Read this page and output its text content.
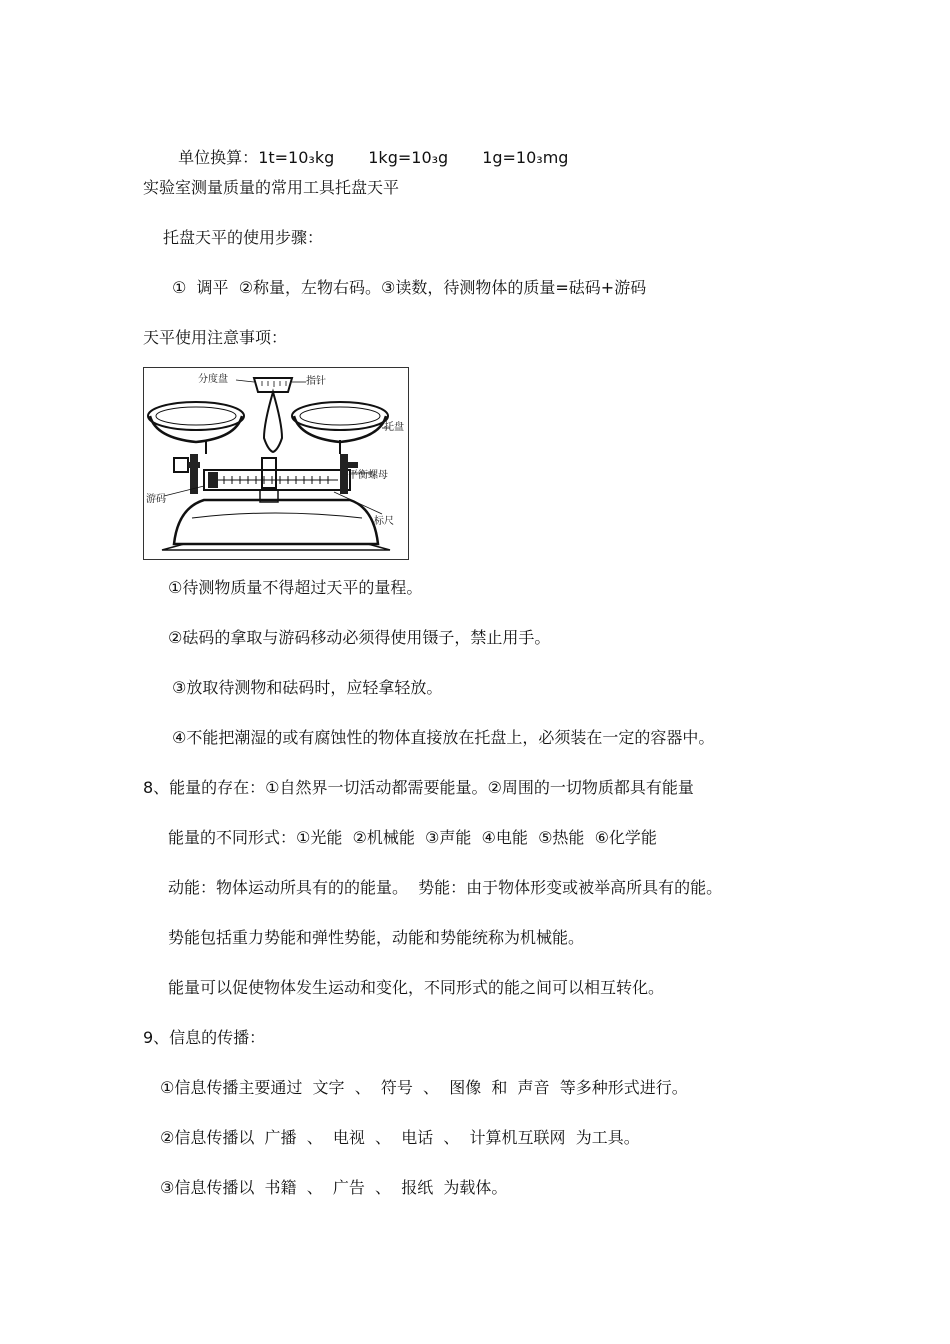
单位换算：1t=10₃kg 1kg=10₃g 1g=10₃mg

实验室测量质量的常用工具托盘天平
托盘天平的使用步骤：
①  调平  ②称量，左物右码。③读数，待测物体的质量=砝码+游码
天平使用注意事项：
分度盘	指针
托盘
平衡螺母
游码
标尺
①待测物质量不得超过天平的量程。
②砝码的拿取与游码移动必须得使用镊子，禁止用手。
③放取待测物和砝码时，应轻拿轻放。
④不能把潮湿的或有腐蚀性的物体直接放在托盘上，必须装在一定的容器中。
8、能量的存在：①自然界一切活动都需要能量。②周围的一切物质都具有能量
能量的不同形式：①光能  ②机械能  ③声能  ④电能  ⑤热能  ⑥化学能
动能：物体运动所具有的的能量。  势能：由于物体形变或被举高所具有的能。
势能包括重力势能和弹性势能，动能和势能统称为机械能。
能量可以促使物体发生运动和变化，不同形式的能之间可以相互转化。
9、信息的传播：
①信息传播主要通过  文字  、  符号  、  图像  和  声音  等多种形式进行。
②信息传播以  广播  、  电视  、  电话  、  计算机互联网  为工具。
③信息传播以  书籍  、  广告  、  报纸  为载体。
